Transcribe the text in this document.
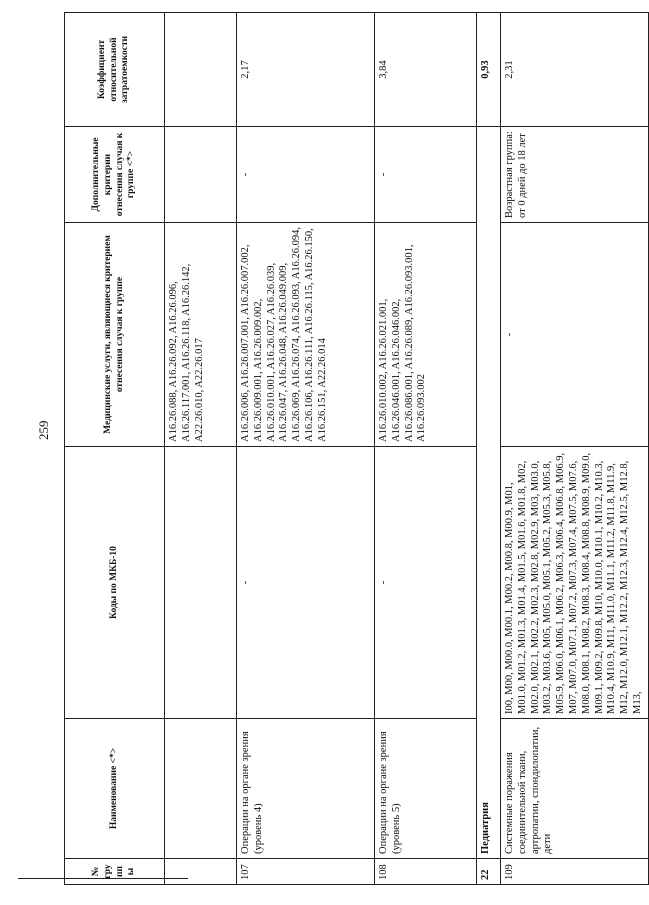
259
№ группы	Наименование <*>	Коды по МКБ-10	Медицинские услуги, являющиеся критерием отнесения случая к группе	Дополнительные критерии отнесения случая к группе <*>	Коэффициент относительной затратоемкости
			A16.26.088, A16.26.092, A16.26.096, A16.26.117.001, A16.26.118, A16.26.142, A22.26.010, A22.26.017		
107	Операции на органе зрения (уровень 4)	-	A16.26.006, A16.26.007.001, A16.26.007.002, A16.26.009.001, A16.26.009.002, A16.26.010.001, A16.26.027, A16.26.039, A16.26.047, A16.26.048, A16.26.049.009, A16.26.069, A16.26.074, A16.26.093, A16.26.094, A16.26.106, A16.26.111, A16.26.115, A16.26.150, A16.26.151, A22.26.014	-	2,17
108	Операции на органе зрения (уровень 5)	-	A16.26.010.002, A16.26.021.001, A16.26.046.001, A16.26.046.002, A16.26.086.001, A16.26.089, A16.26.093.001, A16.26.093.002	-	3,84
22	Педиатрия				0,93
109	Системные поражения соединительной ткани, артропатии, спондилопатии, дети	I00, M00, M00.0, M00.1, M00.2, M00.8, M00.9, M01, M01.0, M01.2, M01.3, M01.4, M01.5, M01.6, M01.8, M02, M02.0, M02.1, M02.2, M02.3, M02.8, M02.9, M03, M03.0, M03.2, M03.6, M05, M05.0, M05.1, M05.2, M05.3, M05.8, M05.9, M06.0, M06.1, M06.2, M06.3, M06.4, M06.8, M06.9, M07, M07.0, M07.1, M07.2, M07.3, M07.4, M07.5, M07.6, M08.0, M08.1, M08.2, M08.3, M08.4, M08.8, M08.9, M09.0, M09.1, M09.2, M09.8, M10, M10.0, M10.1, M10.2, M10.3, M10.4, M10.9, M11, M11.0, M11.1, M11.2, M11.8, M11.9, M12, M12.0, M12.1, M12.2, M12.3, M12.4, M12.5, M12.8, M13,	-	Возрастная группа: от 0 дней до 18 лет	2,31
